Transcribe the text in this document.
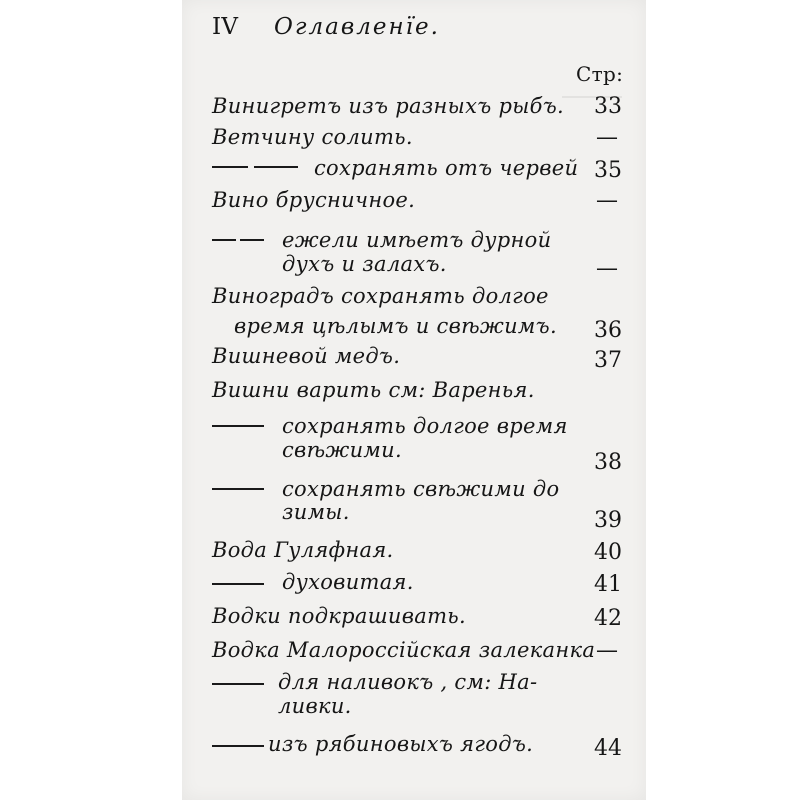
IV Оглавленїе.
Стр:
Винигретъ изъ разныхъ рыбъ. 33
Ветчину солить.	—
сохранять отъ червей 35
Вино брусничное.	—
ежели имѣетъ дурной
духъ и залахъ.	—
Виноградъ сохранять долгое
время цѣлымъ и свѣжимъ. 36
Вишневой медъ.	37
Вишни варить см: Варенья.
сохранять долгое время
свѣжими.	38
сохранять свѣжими до
зимы.	39
Вода Гуляфная.	40
духовитая.	41
Водки подкрашивать.	42
Водка Малороссійская залеканка —
для наливокъ , см: На-
ливки.
изъ рябиновыхъ ягодъ.	44
